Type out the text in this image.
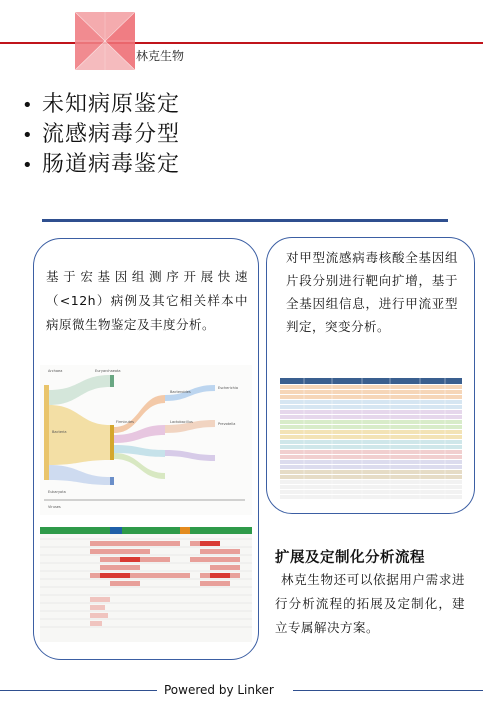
林克生物
• 未知病原鉴定
• 流感病毒分型
• 肠道病毒鉴定
基于宏基因组测序开展快速（<12h）病例及其它相关样本中病原微生物鉴定及丰度分析。
Archaea	Euryarchaeota
Bacteria
Firmicutes
Bacteroides
Escherichia
Lactobacillus	Prevotella
Eukaryota
Viruses
对甲型流感病毒核酸全基因组片段分别进行靶向扩增，基于全基因组信息，进行甲流亚型判定，突变分析。
扩展及定制化分析流程
林克生物还可以依据用户需求进行分析流程的拓展及定制化，建立专属解决方案。
Powered by Linker
